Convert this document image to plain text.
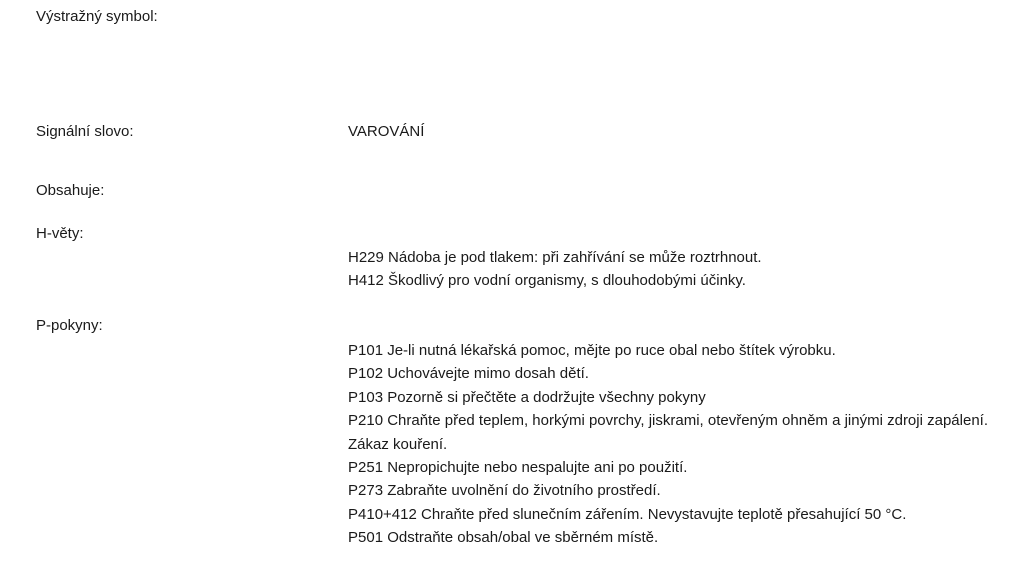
Výstražný symbol:
Signální slovo:	VAROVÁNÍ
Obsahuje:
H-věty:
H229 Nádoba je pod tlakem: při zahřívání se může roztrhnout.
H412 Škodlivý pro vodní organismy, s dlouhodobými účinky.
P-pokyny:
P101 Je-li nutná lékařská pomoc, mějte po ruce obal nebo štítek výrobku.
P102 Uchovávejte mimo dosah dětí.
P103 Pozorně si přečtěte a dodržujte všechny pokyny
P210 Chraňte před teplem, horkými povrchy, jiskrami, otevřeným ohněm a jinými zdroji zapálení. Zákaz kouření.
P251 Nepropichujte nebo nespalujte ani po použití.
P273 Zabraňte uvolnění do životního prostředí.
P410+412 Chraňte před slunečním zářením. Nevystavujte teplotě přesahující 50 °C.
P501 Odstraňte obsah/obal ve sběrném místě.
